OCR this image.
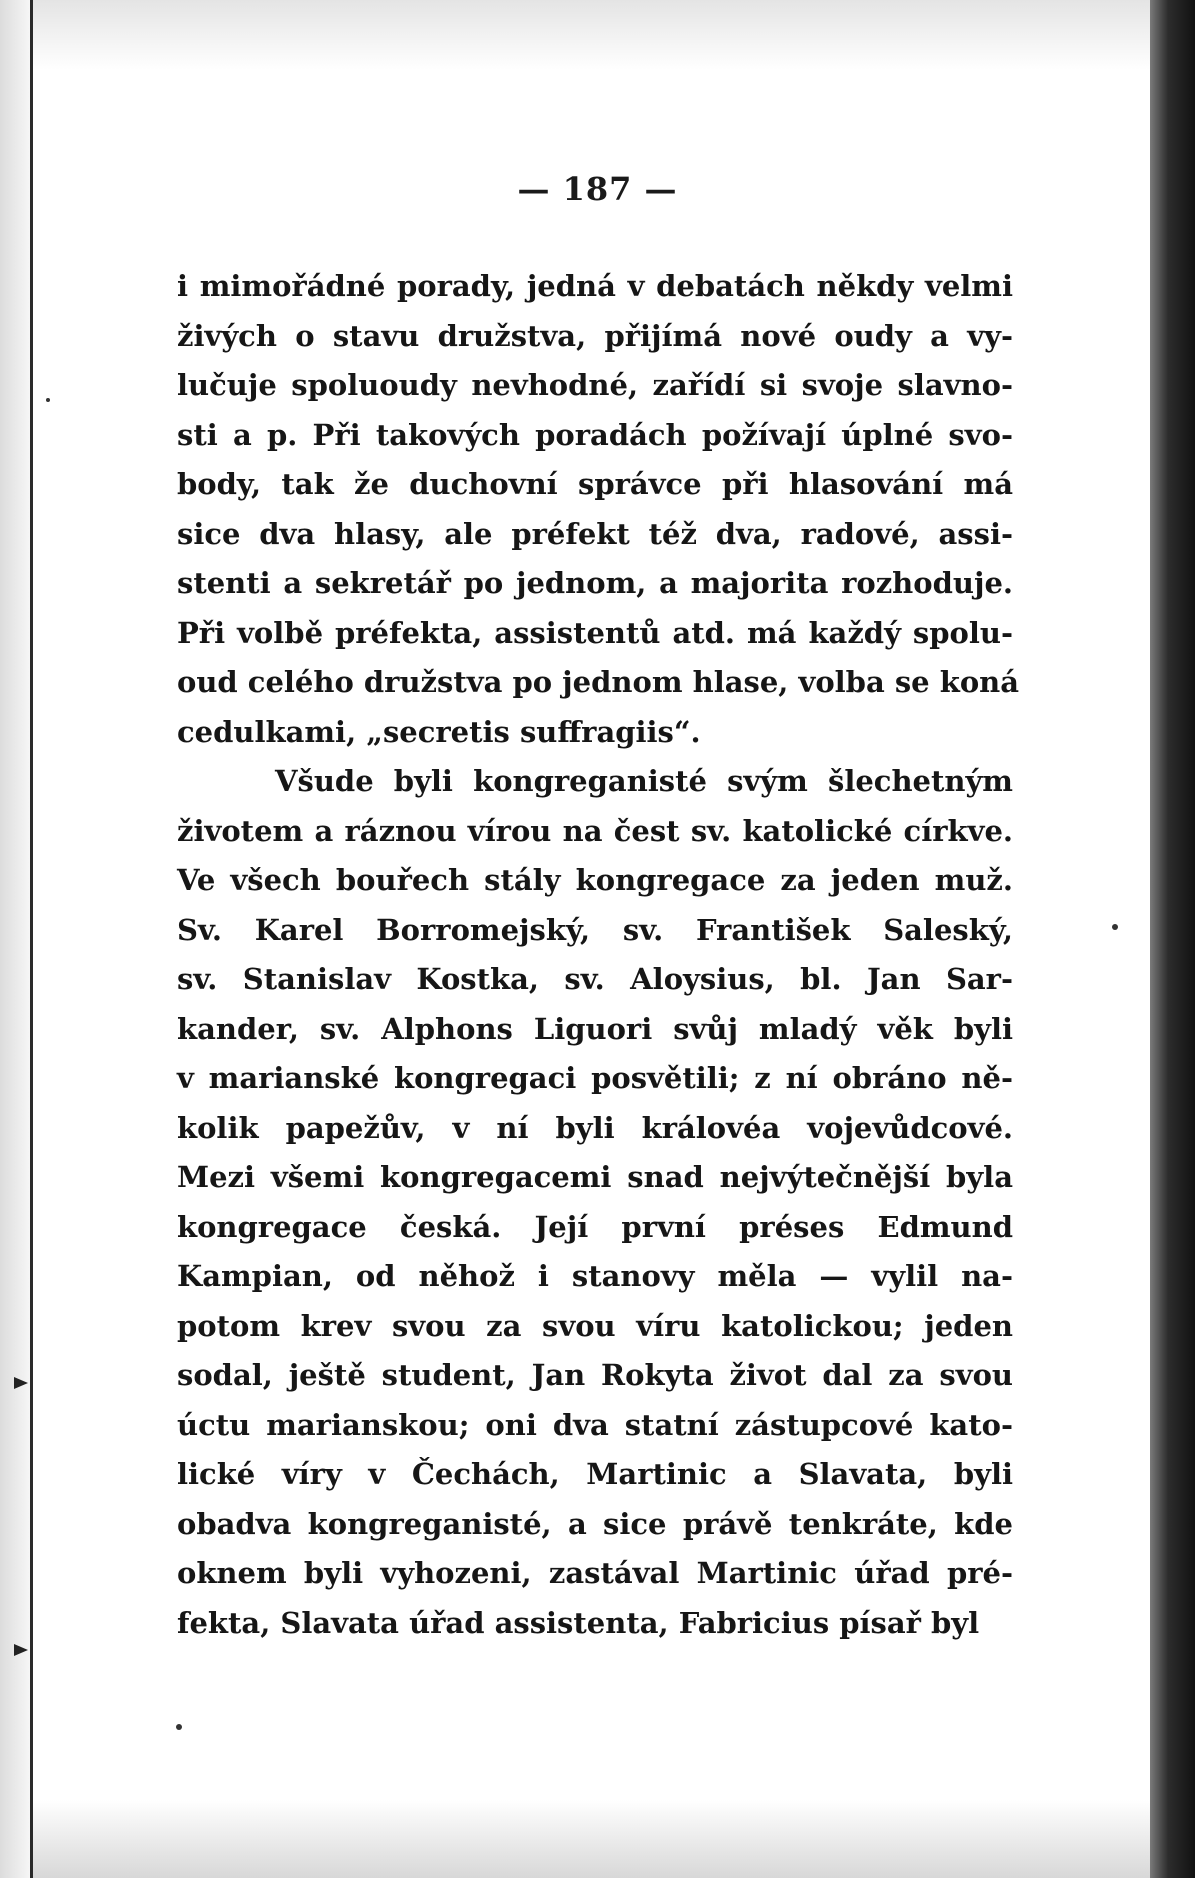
— 187 —
i mimořádné porady, jedná v debatách někdy velmi
živých o stavu družstva, přijímá nové oudy a vy-
lučuje spoluoudy nevhodné, zařídí si svoje slavno-
sti a p. Při takových poradách požívají úplné svo-
body, tak že duchovní správce při hlasování má
sice dva hlasy, ale préfekt též dva, radové, assi-
stenti a sekretář po jednom, a majorita rozhoduje.
Při volbě préfekta, assistentů atd. má každý spolu-
oud celého družstva po jednom hlase, volba se koná
cedulkami, „secretis suffragiis“.
Všude byli kongreganisté svým šlechetným
životem a ráznou vírou na čest sv. katolické církve.
Ve všech bouřech stály kongregace za jeden muž.
Sv. Karel Borromejský, sv. František Saleský,
sv. Stanislav Kostka, sv. Aloysius, bl. Jan Sar-
kander, sv. Alphons Liguori svůj mladý věk byli
v marianské kongregaci posvětili; z ní obráno ně-
kolik papežův, v ní byli královéa vojevůdcové.
Mezi všemi kongregacemi snad nejvýtečnější byla
kongregace česká. Její první préses Edmund
Kampian, od něhož i stanovy měla — vylil na-
potom krev svou za svou víru katolickou; jeden
sodal, ještě student, Jan Rokyta život dal za svou
úctu marianskou; oni dva statní zástupcové kato-
lické víry v Čechách, Martinic a Slavata, byli
obadva kongreganisté, a sice právě tenkráte, kde
oknem byli vyhozeni, zastával Martinic úřad pré-
fekta, Slavata úřad assistenta, Fabricius písař byl
